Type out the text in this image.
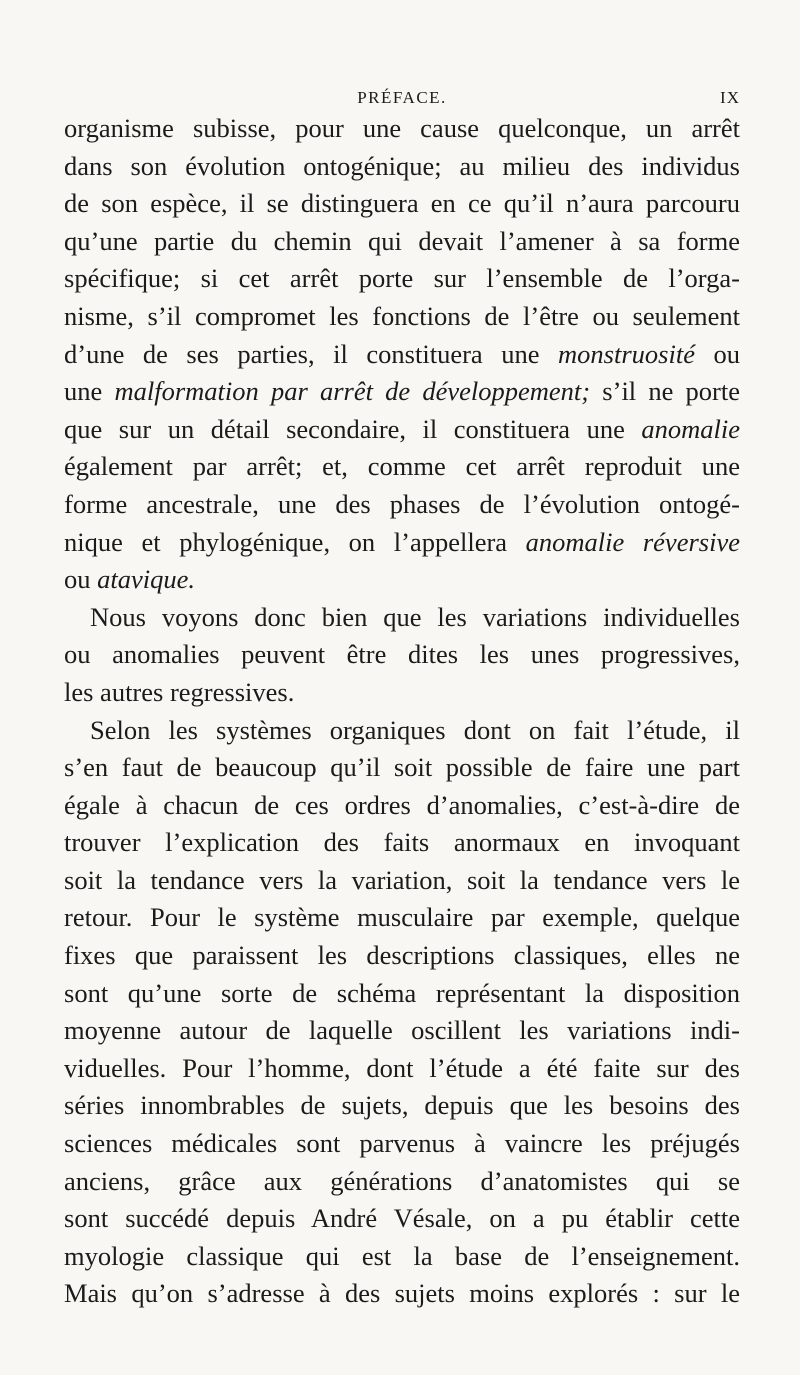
PRÉFACE.	IX
organisme subisse, pour une cause quelconque, un arrêt
dans son évolution ontogénique; au milieu des individus
de son espèce, il se distinguera en ce qu’il n’aura parcouru
qu’une partie du chemin qui devait l’amener à sa forme
spécifique; si cet arrêt porte sur l’ensemble de l’orga-
nisme, s’il compromet les fonctions de l’être ou seulement
d’une de ses parties, il constituera une monstruosité ou
une malformation par arrêt de développement; s’il ne porte
que sur un détail secondaire, il constituera une anomalie
également par arrêt; et, comme cet arrêt reproduit une
forme ancestrale, une des phases de l’évolution ontogé-
nique et phylogénique, on l’appellera anomalie réversive
ou atavique.
Nous voyons donc bien que les variations individuelles
ou anomalies peuvent être dites les unes progressives,
les autres regressives.
Selon les systèmes organiques dont on fait l’étude, il
s’en faut de beaucoup qu’il soit possible de faire une part
égale à chacun de ces ordres d’anomalies, c’est-à-dire de
trouver l’explication des faits anormaux en invoquant
soit la tendance vers la variation, soit la tendance vers le
retour. Pour le système musculaire par exemple, quelque
fixes que paraissent les descriptions classiques, elles ne
sont qu’une sorte de schéma représentant la disposition
moyenne autour de laquelle oscillent les variations indi-
viduelles. Pour l’homme, dont l’étude a été faite sur des
séries innombrables de sujets, depuis que les besoins des
sciences médicales sont parvenus à vaincre les préjugés
anciens, grâce aux générations d’anatomistes qui se
sont succédé depuis André Vésale, on a pu établir cette
myologie classique qui est la base de l’enseignement.
Mais qu’on s’adresse à des sujets moins explorés : sur le
